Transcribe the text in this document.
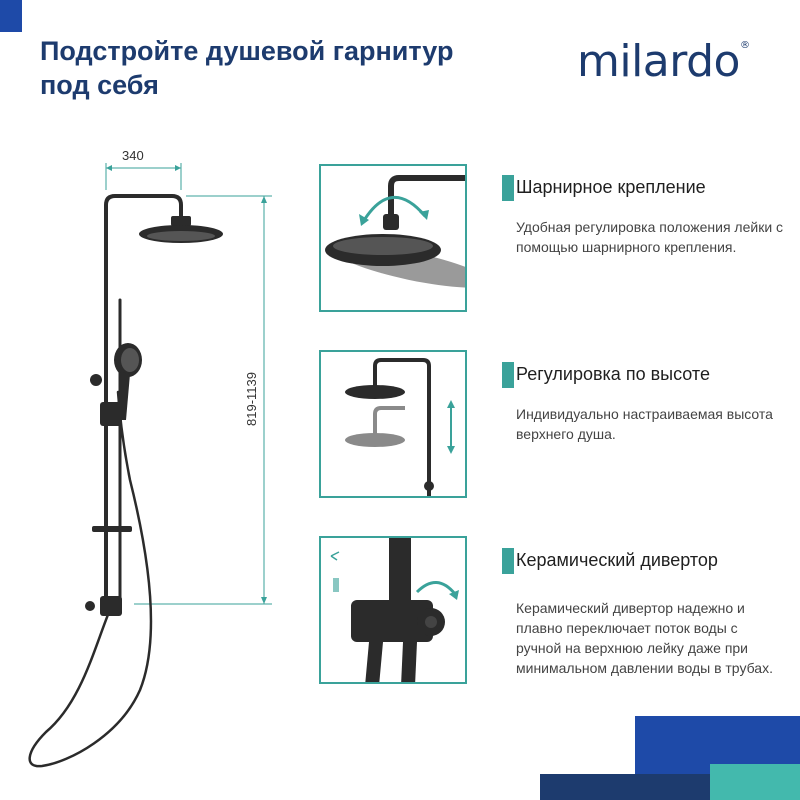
Подстройте душевой гарнитур под себя	milardo®
340
819-1139
Шарнирное крепление
Удобная регулировка положения лейки с помощью шарнирного крепления.
Регулировка по высоте
Индивидуально настраиваемая высота верхнего душа.
Керамический дивертор
Керамический дивертор надежно и плавно переключает поток воды с ручной на верхнюю лейку даже при минимальном давлении воды в трубах.
